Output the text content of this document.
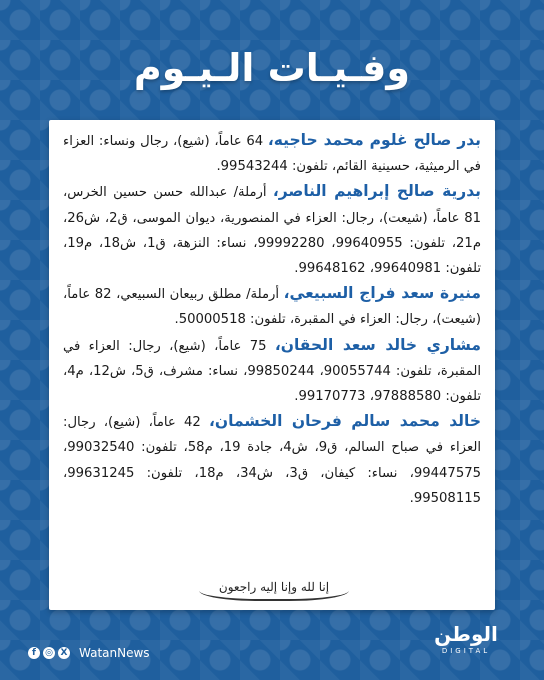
وفـيـات الـيـوم

بدر صالح غلوم محمد حاجيه، 64 عاماً، (شيع)، رجال ونساء: العزاء في الرميثية، حسينية القائم، تلفون: 99543244.

بدرية صالح إبراهيم الناصر، أرملة/ عبدالله حسن حسين الخرس، 81 عاماً، (شيعت)، رجال: العزاء في المنصورية، ديوان الموسى، ق2، ش26، م21، تلفون: 99640955، 99992280، نساء: النزهة، ق1، ش18، م19، تلفون: 99640981، 99648162.

منيرة سعد فراج السبيعي، أرملة/ مطلق ربيعان السبيعي، 82 عاماً، (شيعت)، رجال: العزاء في المقبرة، تلفون: 50000518.

مشاري خالد سعد الحقان، 75 عاماً، (شيع)، رجال: العزاء في المقبرة، تلفون: 90055744، 99850244، نساء: مشرف، ق5، ش12، م4، تلفون: 97888580، 99170773.

خالد محمد سالم فرحان الخشمان، 42 عاماً، (شيع)، رجال: العزاء في صباح السالم، ق9، ش4، جادة 19، م58، تلفون: 99032540، 99447575، نساء: كيفان، ق3، ش34، م18، تلفون: 99631245، 99508115.

إنا لله وإنا إليه راجعون
f	◎ X WatanNews
الوطن
DIGITAL
